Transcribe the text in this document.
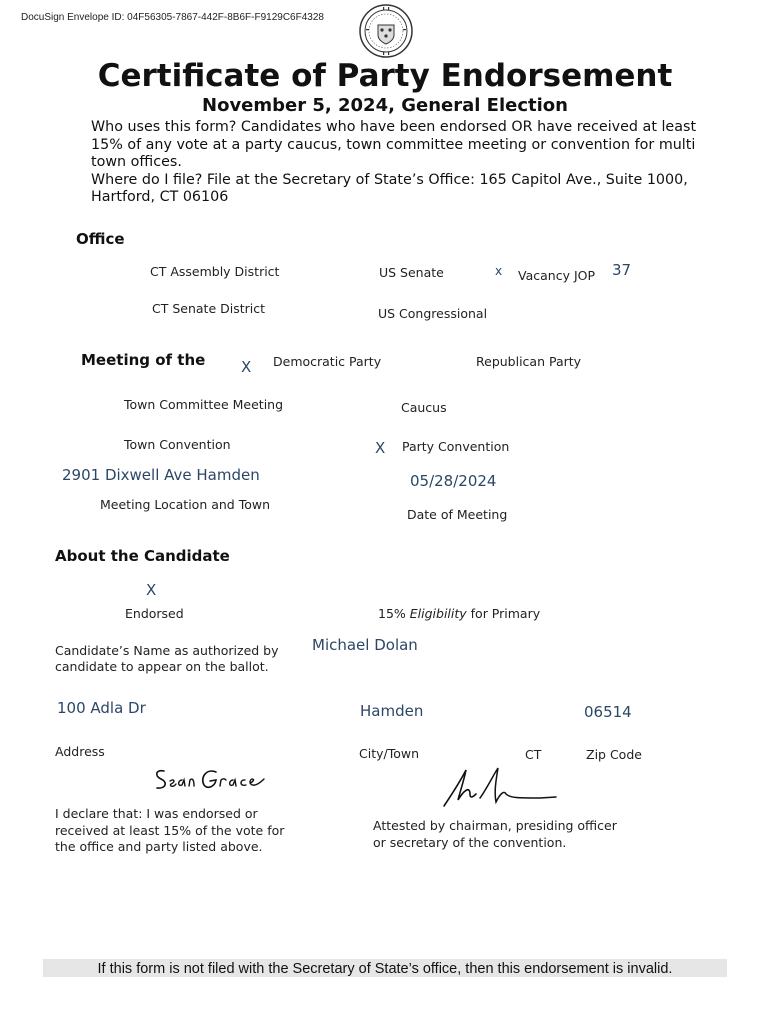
DocuSign Envelope ID: 04F56305-7867-442F-8B6F-F9129C6F4328
Certificate of Party Endorsement
November 5, 2024, General Election
Who uses this form? Candidates who have been endorsed OR have received at least 15% of any vote at a party caucus, town committee meeting or convention for multi town offices.
Where do I file? File at the Secretary of State’s Office: 165 Capitol Ave., Suite 1000, Hartford, CT 06106
Office
CT Assembly District	US Senate	x Vacancy JOP 37
CT Senate District	US Congressional
Meeting of the X Democratic Party	Republican Party
Town Committee Meeting	Caucus
Town Convention	X Party Convention
2901 Dixwell Ave Hamden
Meeting Location and Town
05/28/2024
Date of Meeting
About the Candidate
X
Endorsed	15% Eligibility for Primary
Candidate’s Name as authorized by
candidate to appear on the ballot.
Michael Dolan
100 Adla Dr	Hamden	06514
Address	City/Town	CT	Zip Code
I declare that: I was endorsed or received at least 15% of the vote for the office and party listed above.
Attested by chairman, presiding officer or secretary of the convention.
If this form is not filed with the Secretary of State’s office, then this endorsement is invalid.
